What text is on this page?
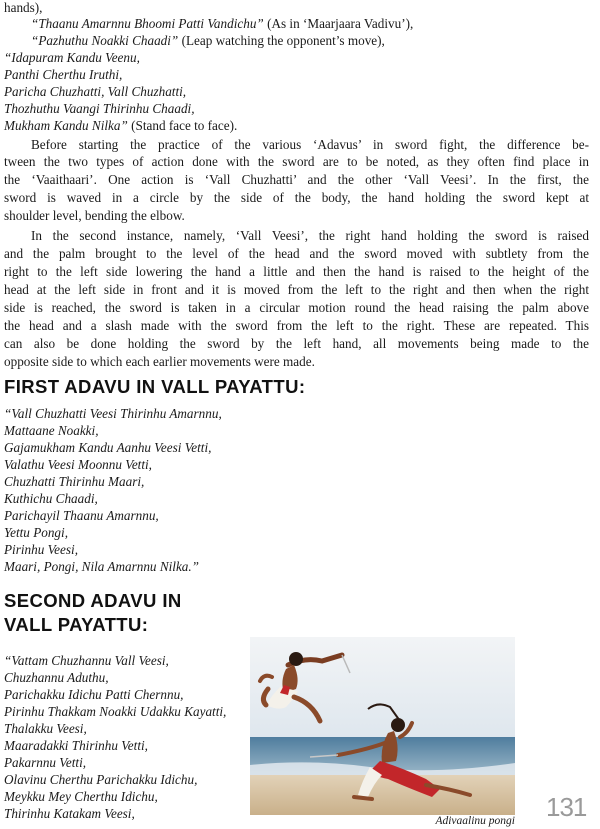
hands),
“Thaanu Amarnnu Bhoomi Patti Vandichu” (As in ‘Maarjaara Vadivu’),
“Pazhuthu Noakki Chaadi” (Leap watching the opponent’s move),
“Idapuram Kandu Veenu,
Panthi Cherthu Iruthi,
Paricha Chuzhatti, Vall Chuzhatti,
Thozhuthu Vaangi Thirinhu Chaadi,
Mukham Kandu Nilka” (Stand face to face).
Before starting the practice of the various ‘Adavus’ in sword fight, the difference be-
tween the two types of action done with the sword are to be noted, as they often find place in
the ‘Vaaithaari’. One action is ‘Vall Chuzhatti’ and the other ‘Vall Veesi’. In the first, the
sword is waved in a circle by the side of the body, the hand holding the sword kept at
shoulder level, bending the elbow.
In the second instance, namely, ‘Vall Veesi’, the right hand holding the sword is raised
and the palm brought to the level of the head and the sword moved with subtlety from the
right to the left side lowering the hand a little and then the hand is raised to the height of the
head at the left side in front and it is moved from the left to the right and then when the right
side is reached, the sword is taken in a circular motion round the head raising the palm above
the head and a slash made with the sword from the left to the right. These are repeated. This
can also be done holding the sword by the left hand, all movements being made to the
opposite side to which each earlier movements were made.
FIRST ADAVU IN VALL PAYATTU:
“Vall Chuzhatti Veesi Thirinhu Amarnnu,
Mattaane Noakki,
Gajamukham Kandu Aanhu Veesi Vetti,
Valathu Veesi Moonnu Vetti,
Chuzhatti Thirinhu Maari,
Kuthichu Chaadi,
Parichayil Thaanu Amarnnu,
Yettu Pongi,
Pirinhu Veesi,
Maari, Pongi, Nila Amarnnu Nilka.”
SECOND ADAVU IN
VALL PAYATTU:
“Vattam Chuzhannu Vall Veesi,
Chuzhannu Aduthu,
Parichakku Idichu Patti Chernnu,
Pirinhu Thakkam Noakki Udakku Kayatti,
Thalakku Veesi,
Maaradakki Thirinhu Vetti,
Pakarnnu Vetti,
Olavinu Cherthu Parichakku Idichu,
Meykku Mey Cherthu Idichu,
Thirinhu Katakam Veesi,	Adivaalinu pongi 131
